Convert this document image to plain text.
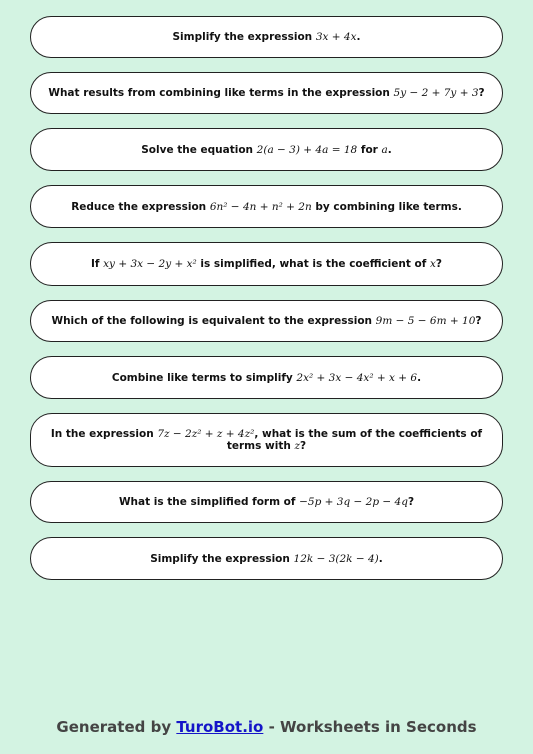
Simplify the expression 3x + 4x.
What results from combining like terms in the expression 5y − 2 + 7y + 3?
Solve the equation 2(a − 3) + 4a = 18 for a.
Reduce the expression 6n² − 4n + n² + 2n by combining like terms.
If xy + 3x − 2y + x² is simplified, what is the coefficient of x?
Which of the following is equivalent to the expression 9m − 5 − 6m + 10?
Combine like terms to simplify 2x² + 3x − 4x² + x + 6.
In the expression 7z − 2z² + z + 4z², what is the sum of the coefficients of terms with z?
What is the simplified form of −5p + 3q − 2p − 4q?
Simplify the expression 12k − 3(2k − 4).
Generated by TuroBot.io - Worksheets in Seconds
